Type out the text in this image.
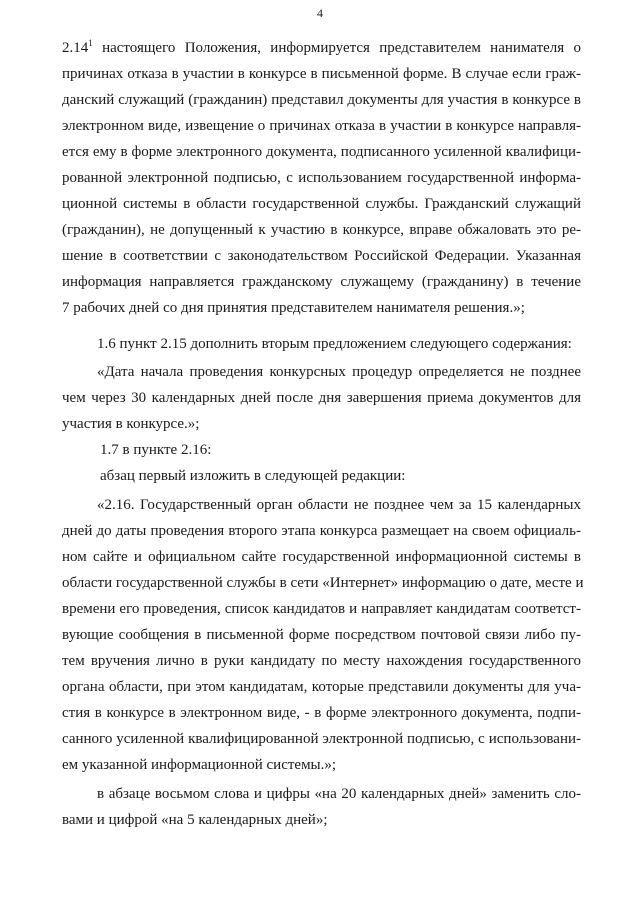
4
2.14$^1$ настоящего Положения, информируется представителем нанимателя о
причинах отказа в участии в конкурсе в письменной форме. В случае если граж-
данский служащий (гражданин) представил документы для участия в конкурсе в
электронном виде, извещение о причинах отказа в участии в конкурсе направля-
ется ему в форме электронного документа, подписанного усиленной квалифици-
рованной электронной подписью, с использованием государственной информа-
ционной системы в области государственной службы. Гражданский служащий
(гражданин), не допущенный к участию в конкурсе, вправе обжаловать это ре-
шение в соответствии с законодательством Российской Федерации. Указанная
информация направляется гражданскому служащему (гражданину) в течение
7 рабочих дней со дня принятия представителем нанимателя решения.»;
1.6 пункт 2.15 дополнить вторым предложением следующего содержания:
«Дата начала проведения конкурсных процедур определяется не позднее
чем через 30 календарных дней после дня завершения приема документов для
участия в конкурсе.»;
1.7 в пункте 2.16:
абзац первый изложить в следующей редакции:
«2.16. Государственный орган области не позднее чем за 15 календарных
дней до даты проведения второго этапа конкурса размещает на своем официаль-
ном сайте и официальном сайте государственной информационной системы в
области государственной службы в сети «Интернет» информацию о дате, месте и
времени его проведения, список кандидатов и направляет кандидатам соответст-
вующие сообщения в письменной форме посредством почтовой связи либо пу-
тем вручения лично в руки кандидату по месту нахождения государственного
органа области, при этом кандидатам, которые представили документы для уча-
стия в конкурсе в электронном виде, - в форме электронного документа, подпи-
санного усиленной квалифицированной электронной подписью, с использовани-
ем указанной информационной системы.»;
в абзаце восьмом слова и цифры «на 20 календарных дней» заменить сло-
вами и цифрой «на 5 календарных дней»;
